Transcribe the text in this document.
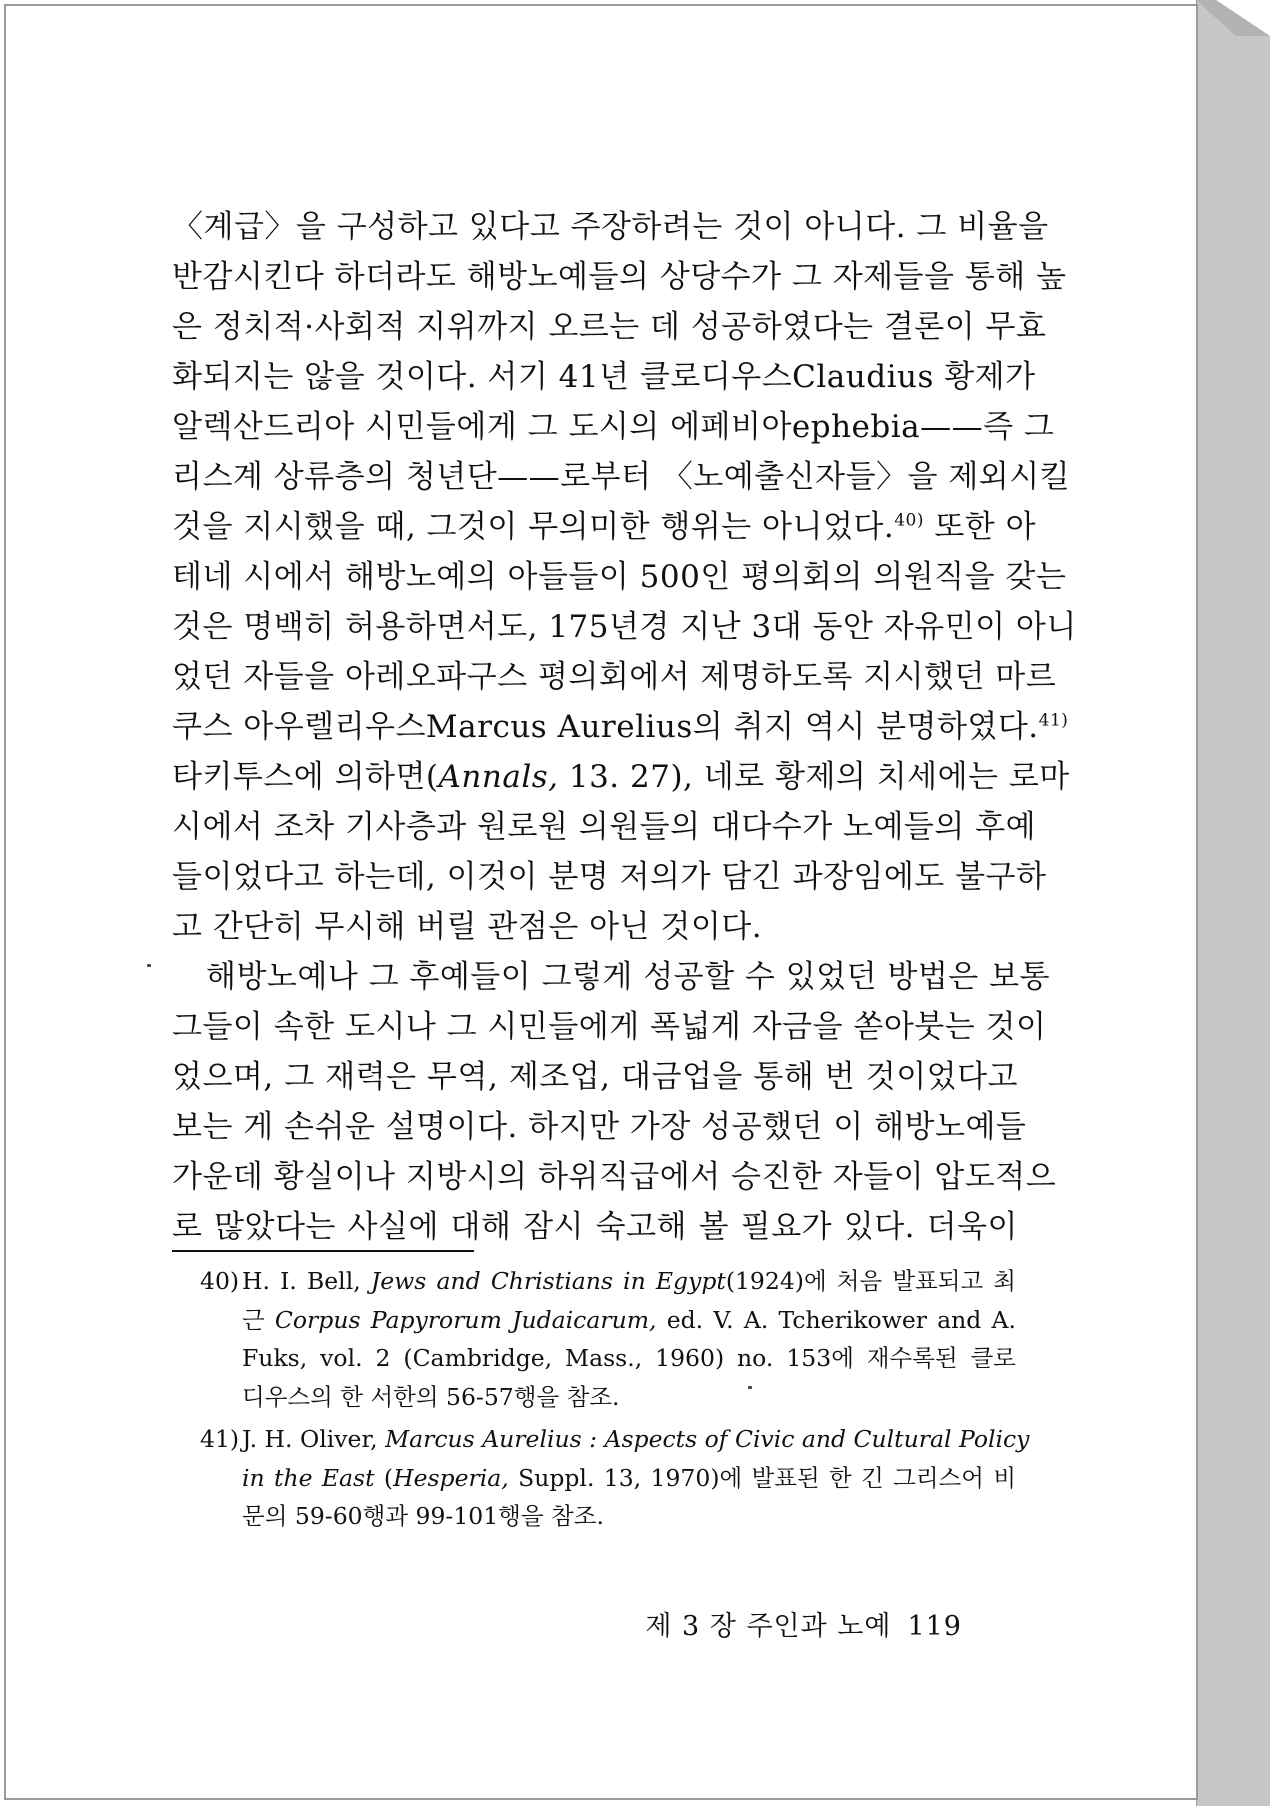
〈계급〉을 구성하고 있다고 주장하려는 것이 아니다. 그 비율을
반감시킨다 하더라도 해방노예들의 상당수가 그 자제들을 통해 높
은 정치적·사회적 지위까지 오르는 데 성공하였다는 결론이 무효
화되지는 않을 것이다. 서기 41년 클로디우스Claudius 황제가
알렉산드리아 시민들에게 그 도시의 에페비아ephebia——즉 그
리스계 상류층의 청년단——로부터 〈노예출신자들〉을 제외시킬
것을 지시했을 때, 그것이 무의미한 행위는 아니었다.$^{40)}$ 또한 아
테네 시에서 해방노예의 아들들이 500인 평의회의 의원직을 갖는
것은 명백히 허용하면서도, 175년경 지난 3대 동안 자유민이 아니
었던 자들을 아레오파구스 평의회에서 제명하도록 지시했던 마르
쿠스 아우렐리우스Marcus Aurelius의 취지 역시 분명하였다.$^{41)}$
타키투스에 의하면(Annals, 13. 27), 네로 황제의 치세에는 로마
시에서 조차 기사층과 원로원 의원들의 대다수가 노예들의 후예
들이었다고 하는데, 이것이 분명 저의가 담긴 과장임에도 불구하
고 간단히 무시해 버릴 관점은 아닌 것이다.
해방노예나 그 후예들이 그렇게 성공할 수 있었던 방법은 보통
그들이 속한 도시나 그 시민들에게 폭넓게 자금을 쏟아붓는 것이
었으며, 그 재력은 무역, 제조업, 대금업을 통해 번 것이었다고
보는 게 손쉬운 설명이다. 하지만 가장 성공했던 이 해방노예들
가운데 황실이나 지방시의 하위직급에서 승진한 자들이 압도적으
로 많았다는 사실에 대해 잠시 숙고해 볼 필요가 있다. 더욱이
40) H. I. Bell, Jews and Christians in Egypt(1924)에 처음 발표되고 최
근 Corpus Papyrorum Judaicarum, ed. V. A. Tcherikower and A.
Fuks, vol. 2 (Cambridge, Mass., 1960) no. 153에 재수록된 클로
디우스의 한 서한의 56-57행을 참조.
41) J. H. Oliver, Marcus Aurelius : Aspects of Civic and Cultural Policy
in the East (Hesperia, Suppl. 13, 1970)에 발표된 한 긴 그리스어 비
문의 59-60행과 99-101행을 참조.
제 3 장 주인과 노예 119
